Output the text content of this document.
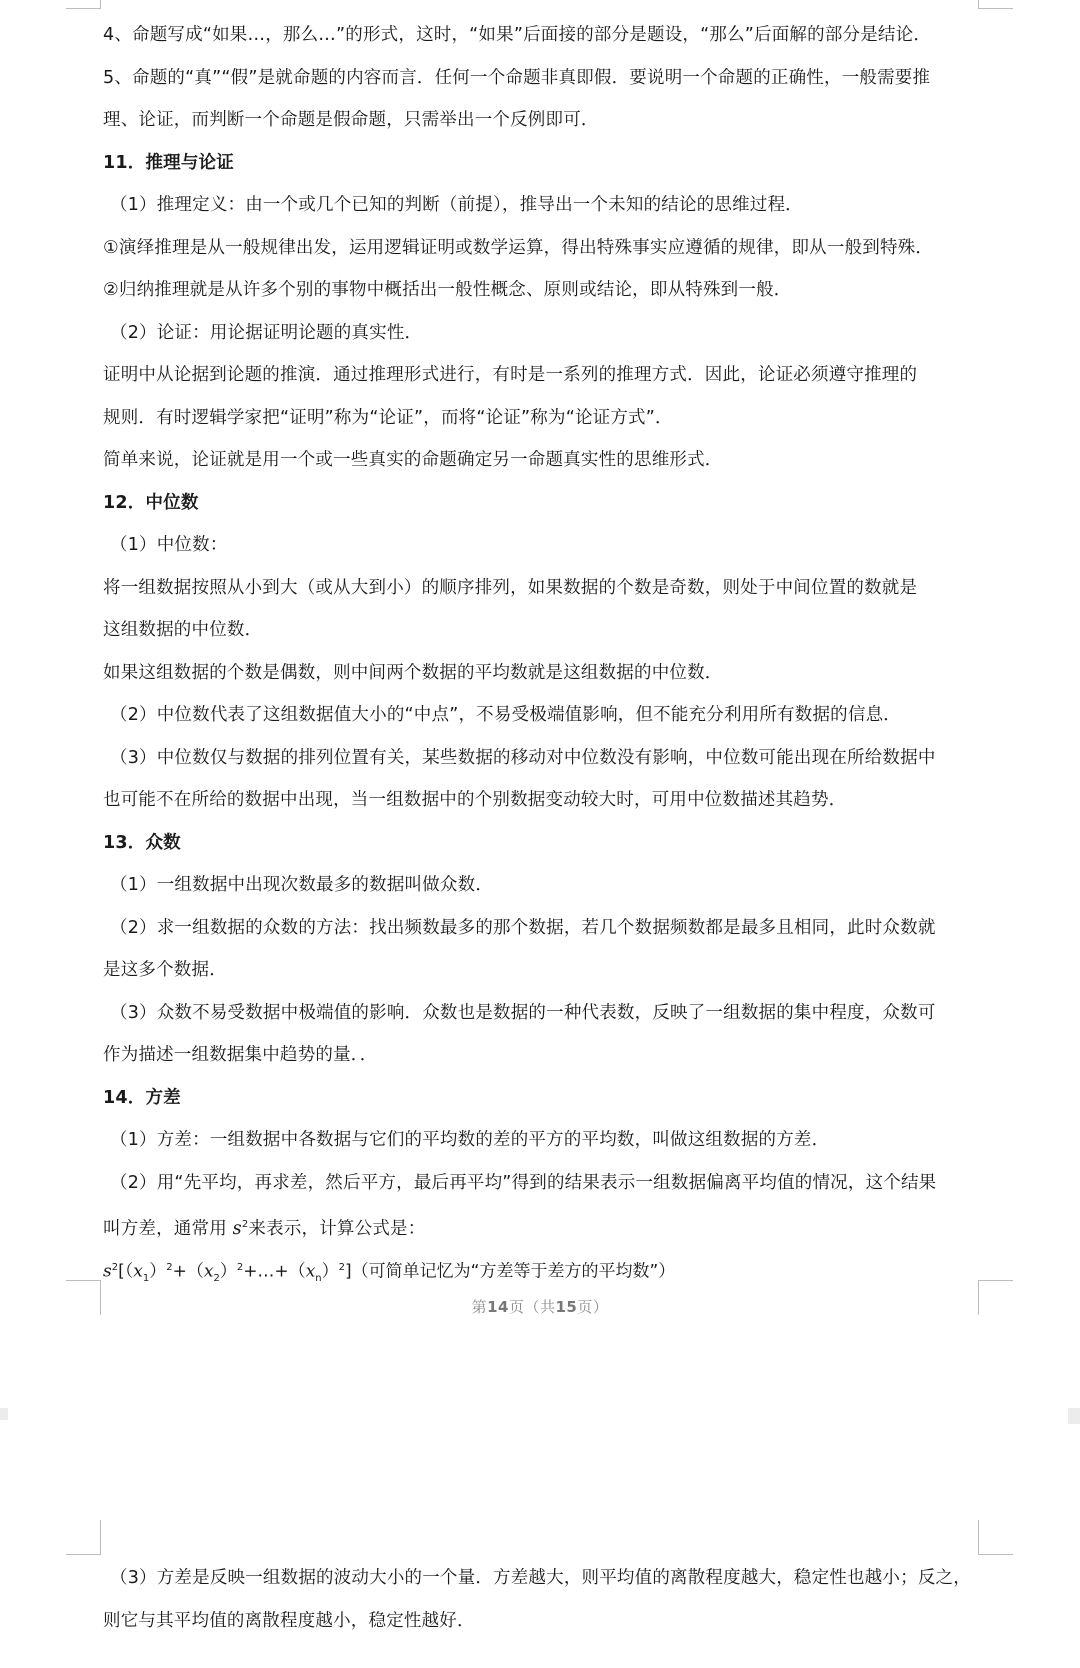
4、命题写成“如果…，那么…”的形式，这时，“如果”后面接的部分是题设，“那么”后面解的部分是结论．
5、命题的“真”“假”是就命题的内容而言．任何一个命题非真即假．要说明一个命题的正确性，一般需要推
理、论证，而判断一个命题是假命题，只需举出一个反例即可．
11．推理与论证
（1）推理定义：由一个或几个已知的判断（前提），推导出一个未知的结论的思维过程．
①演绎推理是从一般规律出发，运用逻辑证明或数学运算，得出特殊事实应遵循的规律，即从一般到特殊．
②归纳推理就是从许多个别的事物中概括出一般性概念、原则或结论，即从特殊到一般．
（2）论证：用论据证明论题的真实性．
证明中从论据到论题的推演．通过推理形式进行，有时是一系列的推理方式．因此，论证必须遵守推理的
规则．有时逻辑学家把“证明”称为“论证”，而将“论证”称为“论证方式”．
简单来说，论证就是用一个或一些真实的命题确定另一命题真实性的思维形式．
12．中位数
（1）中位数：
将一组数据按照从小到大（或从大到小）的顺序排列，如果数据的个数是奇数，则处于中间位置的数就是
这组数据的中位数．
如果这组数据的个数是偶数，则中间两个数据的平均数就是这组数据的中位数．
（2）中位数代表了这组数据值大小的“中点”，不易受极端值影响，但不能充分利用所有数据的信息．
（3）中位数仅与数据的排列位置有关，某些数据的移动对中位数没有影响，中位数可能出现在所给数据中
也可能不在所给的数据中出现，当一组数据中的个别数据变动较大时，可用中位数描述其趋势．
13．众数
（1）一组数据中出现次数最多的数据叫做众数．
（2）求一组数据的众数的方法：找出频数最多的那个数据，若几个数据频数都是最多且相同，此时众数就
是这多个数据．
（3）众数不易受数据中极端值的影响．众数也是数据的一种代表数，反映了一组数据的集中程度，众数可
作为描述一组数据集中趋势的量．．
14．方差
（1）方差：一组数据中各数据与它们的平均数的差的平方的平均数，叫做这组数据的方差．
（2）用“先平均，再求差，然后平方，最后再平均”得到的结果表示一组数据偏离平均值的情况，这个结果
叫方差，通常用 $s^2$来表示，计算公式是：
$s^2[(x_1)^2+(x_2)^2+\dots+(x_n)^2]$（可简单记忆为“方差等于差方的平均数”）
第14页（共15页）
（3）方差是反映一组数据的波动大小的一个量．方差越大，则平均值的离散程度越大，稳定性也越小；反之，
则它与其平均值的离散程度越小，稳定性越好．
